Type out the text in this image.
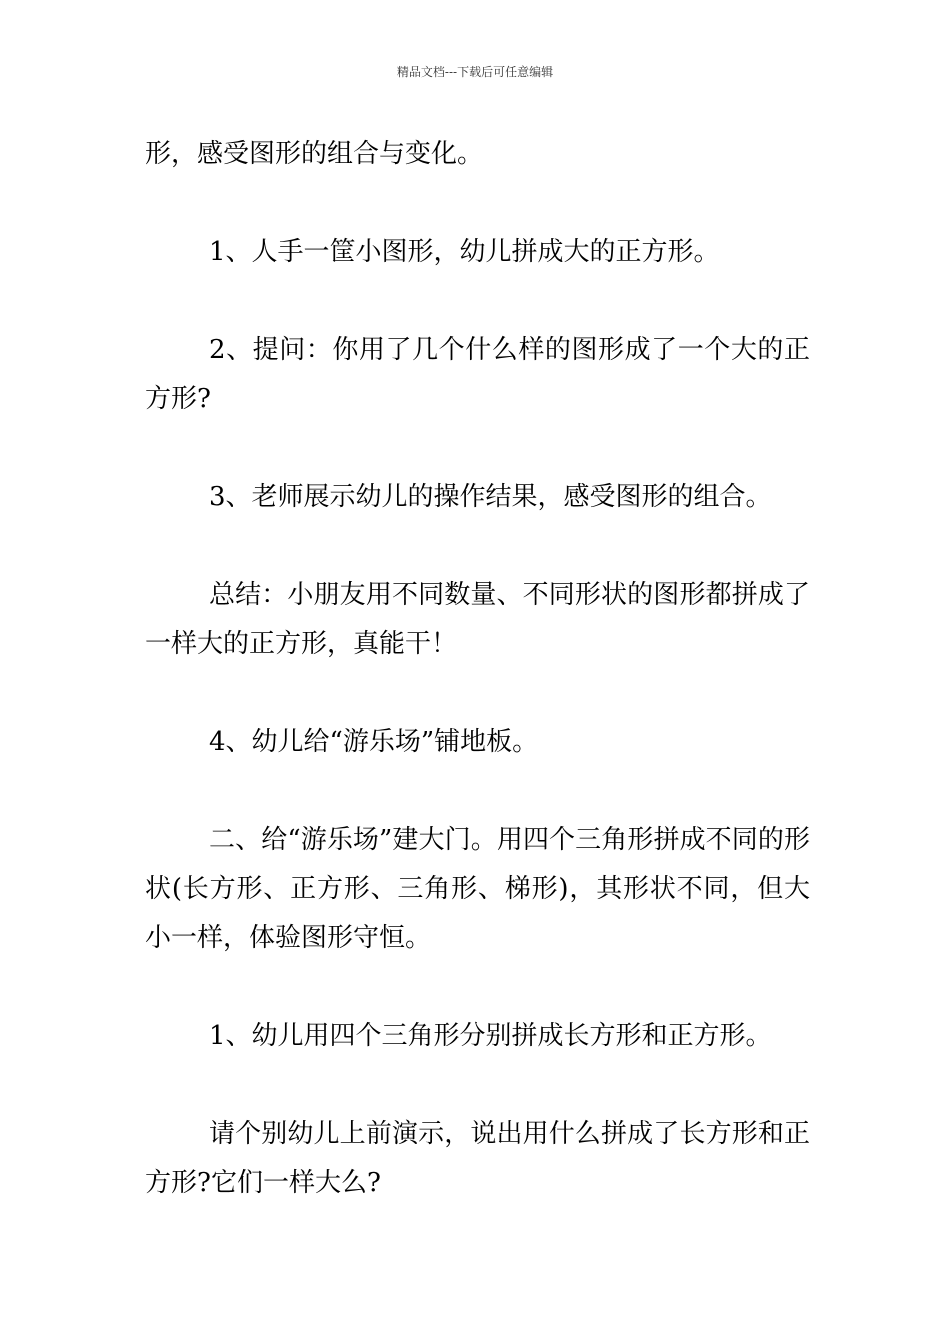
精品文档---下载后可任意编辑

形，感受图形的组合与变化。

1、人手一筐小图形，幼儿拼成大的正方形。

2、提问：你用了几个什么样的图形成了一个大的正方形?

3、老师展示幼儿的操作结果，感受图形的组合。

总结：小朋友用不同数量、不同形状的图形都拼成了一样大的正方形，真能干！

4、幼儿给“游乐场”铺地板。

二、给“游乐场”建大门。用四个三角形拼成不同的形状(长方形、正方形、三角形、梯形)，其形状不同，但大小一样，体验图形守恒。

1、幼儿用四个三角形分别拼成长方形和正方形。

请个别幼儿上前演示，说出用什么拼成了长方形和正方形?它们一样大么?
